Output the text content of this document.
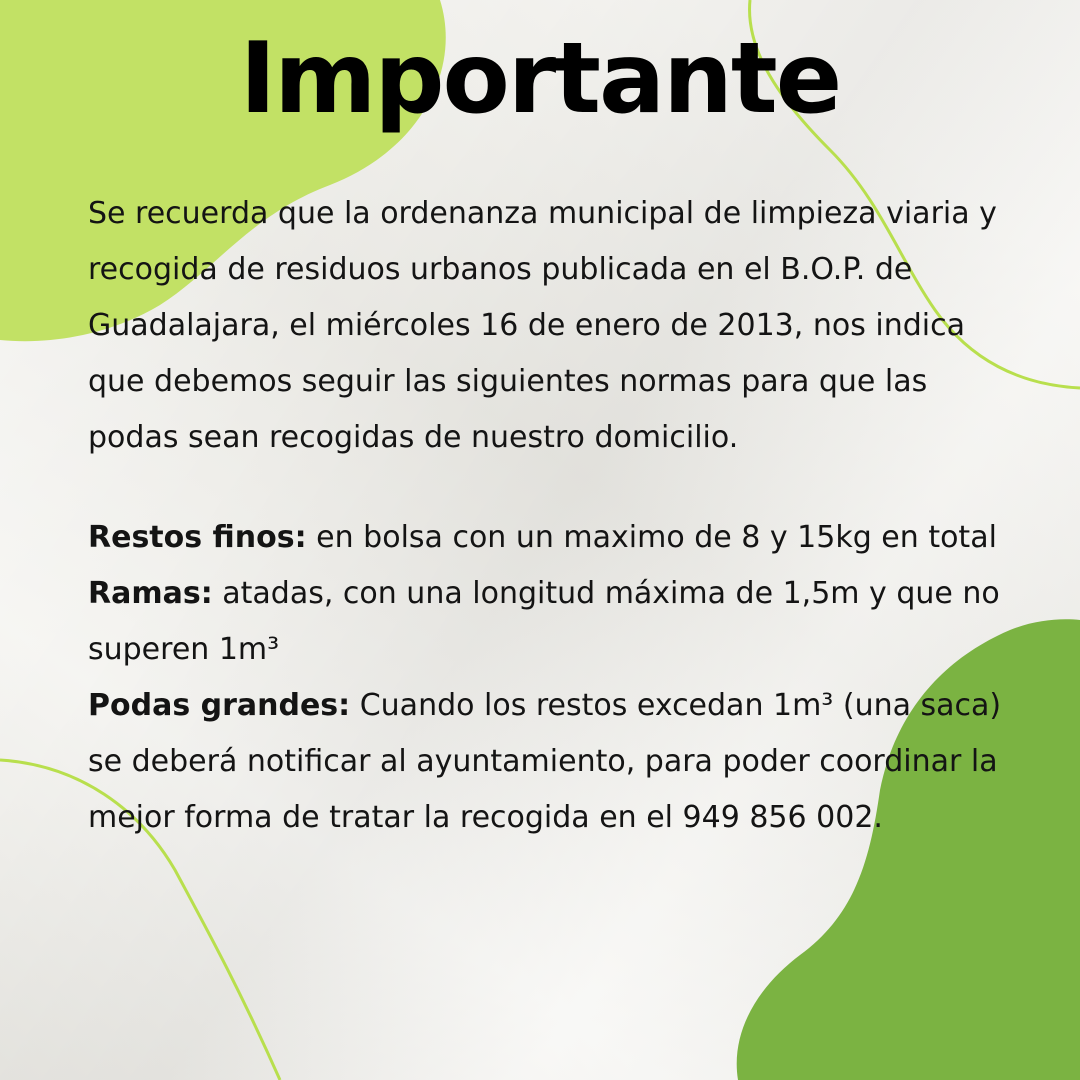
Importante

Se recuerda que la ordenanza municipal de limpieza viaria y recogida de residuos urbanos publicada en el B.O.P. de Guadalajara, el miércoles 16 de enero de 2013, nos indica que debemos seguir las siguientes normas para que las podas sean recogidas de nuestro domicilio.

Restos finos: en bolsa con un maximo de 8 y 15kg en total

Ramas: atadas, con una longitud máxima de 1,5m y que no superen 1m³

Podas grandes: Cuando los restos excedan 1m³ (una saca) se deberá notificar al ayuntamiento, para poder coordinar la mejor forma de tratar la recogida en el 949 856 002.
